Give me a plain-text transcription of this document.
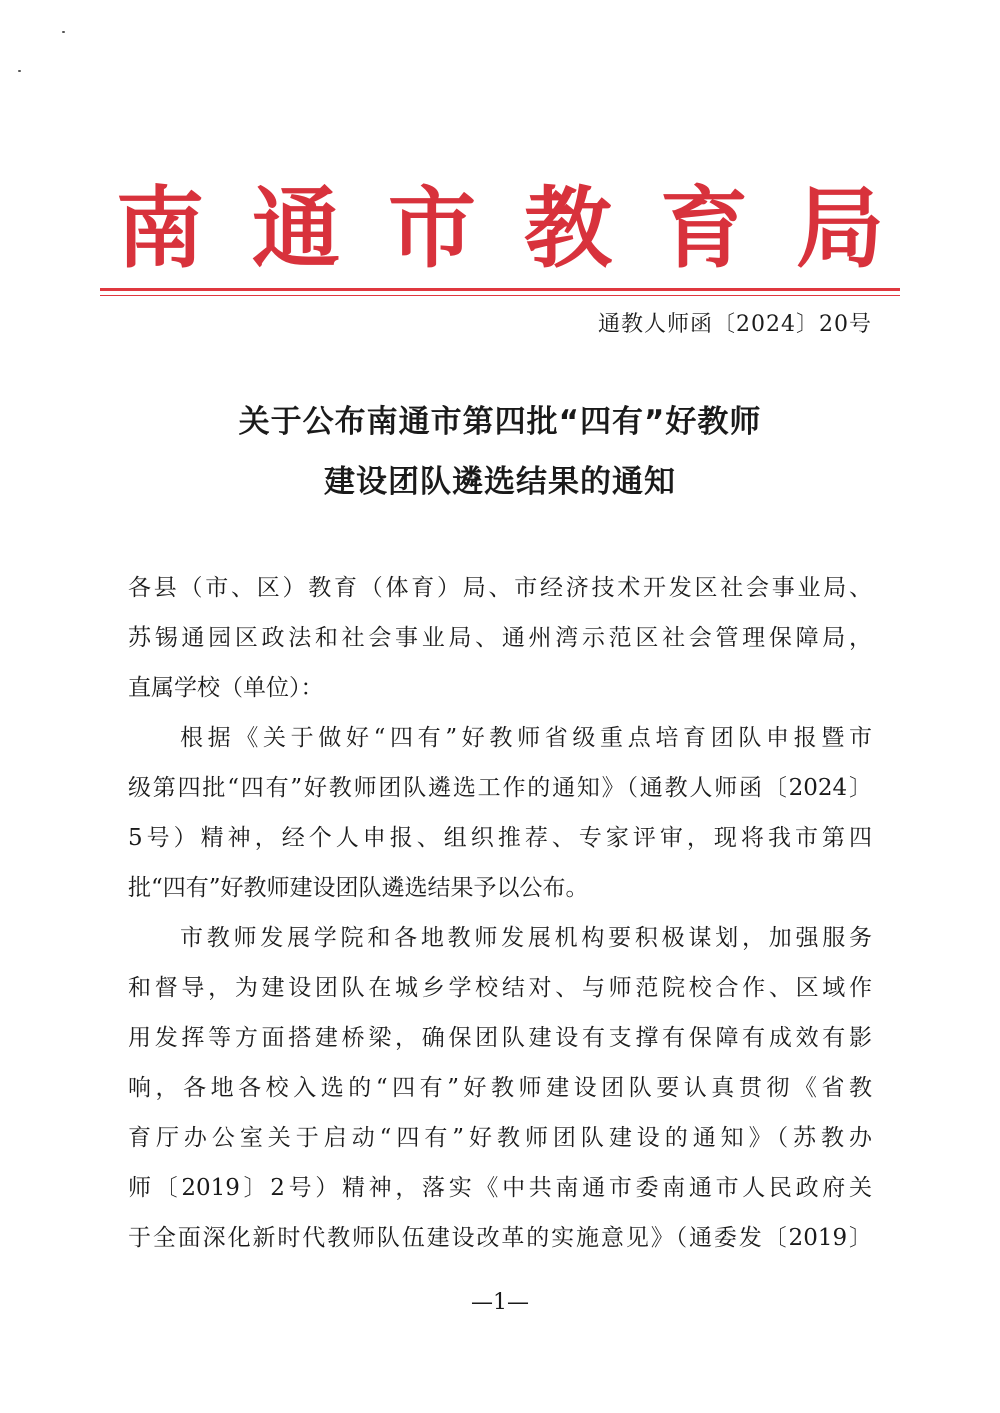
南 通 市 教 育 局
通教人师函〔2024〕20号
关于公布南通市第四批“四有”好教师
建设团队遴选结果的通知
各县（市、区）教育（体育）局、市经济技术开发区社会事业局、
苏锡通园区政法和社会事业局、通州湾示范区社会管理保障局，
直属学校（单位）：
根据《关于做好“四有”好教师省级重点培育团队申报暨市
级第四批“四有”好教师团队遴选工作的通知》（通教人师函〔2024〕
5号）精神，经个人申报、组织推荐、专家评审，现将我市第四
批“四有”好教师建设团队遴选结果予以公布。
市教师发展学院和各地教师发展机构要积极谋划，加强服务
和督导，为建设团队在城乡学校结对、与师范院校合作、区域作
用发挥等方面搭建桥梁，确保团队建设有支撑有保障有成效有影
响，各地各校入选的“四有”好教师建设团队要认真贯彻《省教
育厅办公室关于启动“四有”好教师团队建设的通知》（苏教办
师〔2019〕2号）精神，落实《中共南通市委南通市人民政府关
于全面深化新时代教师队伍建设改革的实施意见》（通委发〔2019〕
—1—
